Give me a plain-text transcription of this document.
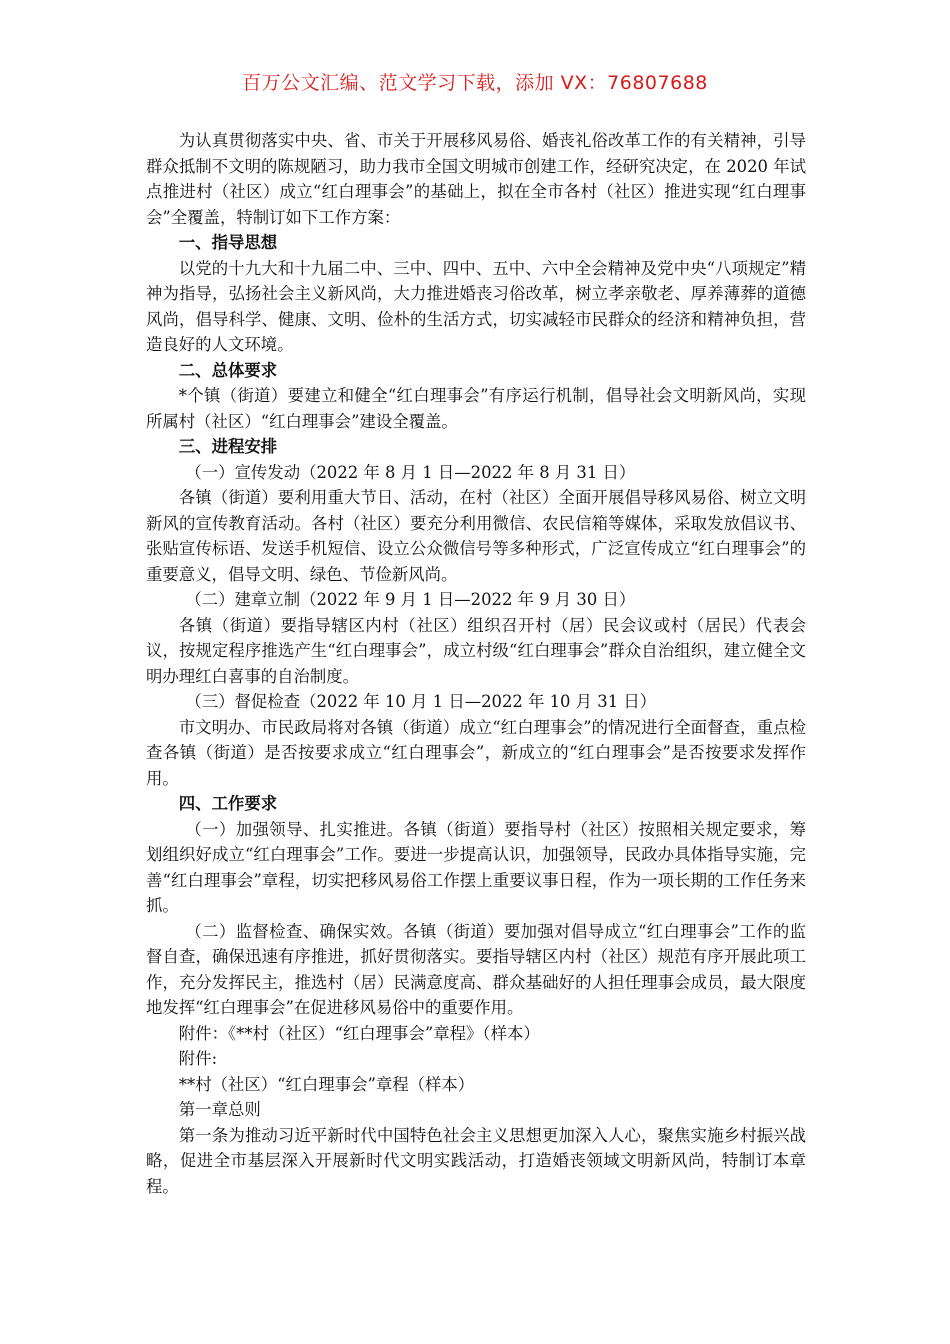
百万公文汇编、范文学习下载，添加 VX：76807688

为认真贯彻落实中央、省、市关于开展移风易俗、婚丧礼俗改革工作的有关精神，引导群众抵制不文明的陈规陋习，助力我市全国文明城市创建工作，经研究决定，在 2020 年试点推进村（社区）成立“红白理事会”的基础上，拟在全市各村（社区）推进实现“红白理事会”全覆盖，特制订如下工作方案：

一、指导思想

以党的十九大和十九届二中、三中、四中、五中、六中全会精神及党中央“八项规定”精神为指导，弘扬社会主义新风尚，大力推进婚丧习俗改革，树立孝亲敬老、厚养薄葬的道德风尚，倡导科学、健康、文明、俭朴的生活方式，切实减轻市民群众的经济和精神负担，营造良好的人文环境。

二、总体要求

*个镇（街道）要建立和健全“红白理事会”有序运行机制，倡导社会文明新风尚，实现所属村（社区）“红白理事会”建设全覆盖。

三、进程安排

（一）宣传发动（2022 年 8 月 1 日—2022 年 8 月 31 日）

各镇（街道）要利用重大节日、活动，在村（社区）全面开展倡导移风易俗、树立文明新风的宣传教育活动。各村（社区）要充分利用微信、农民信箱等媒体，采取发放倡议书、张贴宣传标语、发送手机短信、设立公众微信号等多种形式，广泛宣传成立“红白理事会”的重要意义，倡导文明、绿色、节俭新风尚。

（二）建章立制（2022 年 9 月 1 日—2022 年 9 月 30 日）

各镇（街道）要指导辖区内村（社区）组织召开村（居）民会议或村（居民）代表会议，按规定程序推选产生“红白理事会”，成立村级“红白理事会”群众自治组织，建立健全文明办理红白喜事的自治制度。

（三）督促检查（2022 年 10 月 1 日—2022 年 10 月 31 日）

市文明办、市民政局将对各镇（街道）成立“红白理事会”的情况进行全面督查，重点检查各镇（街道）是否按要求成立“红白理事会”，新成立的“红白理事会”是否按要求发挥作用。

四、工作要求

（一）加强领导、扎实推进。各镇（街道）要指导村（社区）按照相关规定要求，筹划组织好成立“红白理事会”工作。要进一步提高认识，加强领导，民政办具体指导实施，完善“红白理事会”章程，切实把移风易俗工作摆上重要议事日程，作为一项长期的工作任务来抓。

（二）监督检查、确保实效。各镇（街道）要加强对倡导成立“红白理事会”工作的监督自查，确保迅速有序推进，抓好贯彻落实。要指导辖区内村（社区）规范有序开展此项工作，充分发挥民主，推选村（居）民满意度高、群众基础好的人担任理事会成员，最大限度地发挥“红白理事会”在促进移风易俗中的重要作用。

附件：《**村（社区）“红白理事会”章程》（样本）

附件:

**村（社区）“红白理事会”章程（样本）

第一章总则

第一条为推动习近平新时代中国特色社会主义思想更加深入人心，聚焦实施乡村振兴战略，促进全市基层深入开展新时代文明实践活动，打造婚丧领域文明新风尚，特制订本章程。
